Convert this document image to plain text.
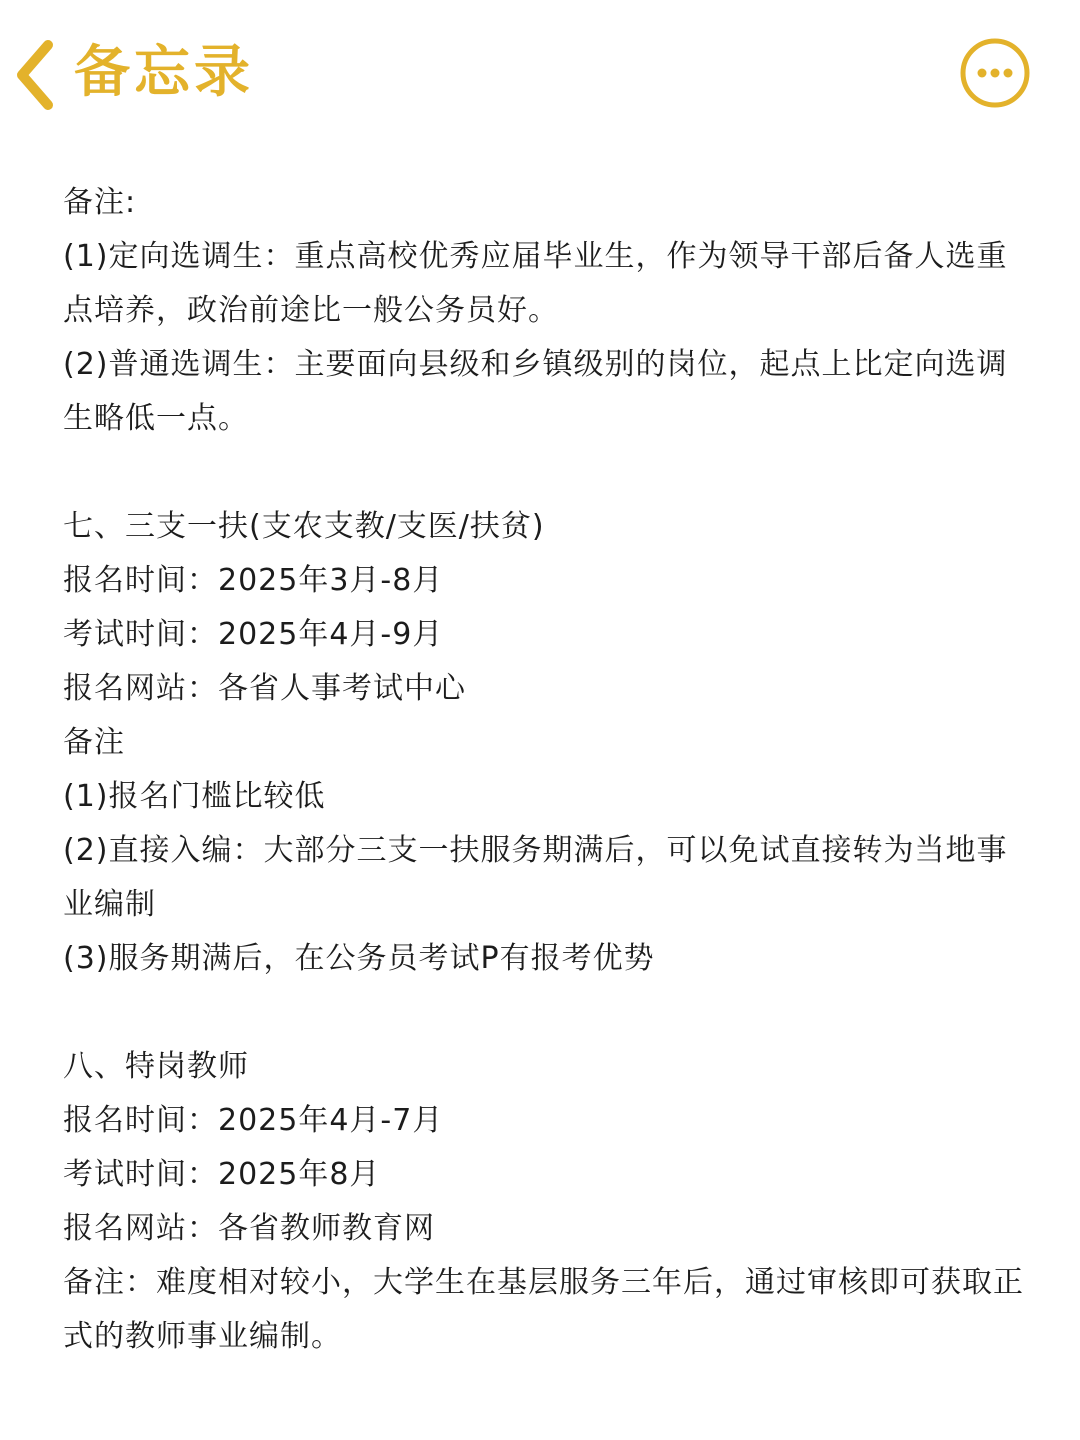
备忘录
备注:
(1)定向选调生：重点高校优秀应届毕业生，作为领导干部后备人选重
点培养，政治前途比一般公务员好。
(2)普通选调生：主要面向县级和乡镇级别的岗位，起点上比定向选调
生略低一点。
七、三支一扶(支农支教/支医/扶贫)
报名时间：2025年3月-8月
考试时间：2025年4月-9月
报名网站：各省人事考试中心
备注
(1)报名门槛比较低
(2)直接入编：大部分三支一扶服务期满后，可以免试直接转为当地事
业编制
(3)服务期满后，在公务员考试P有报考优势
八、特岗教师
报名时间：2025年4月-7月
考试时间：2025年8月
报名网站：各省教师教育网
备注：难度相对较小，大学生在基层服务三年后，通过审核即可获取正
式的教师事业编制。
